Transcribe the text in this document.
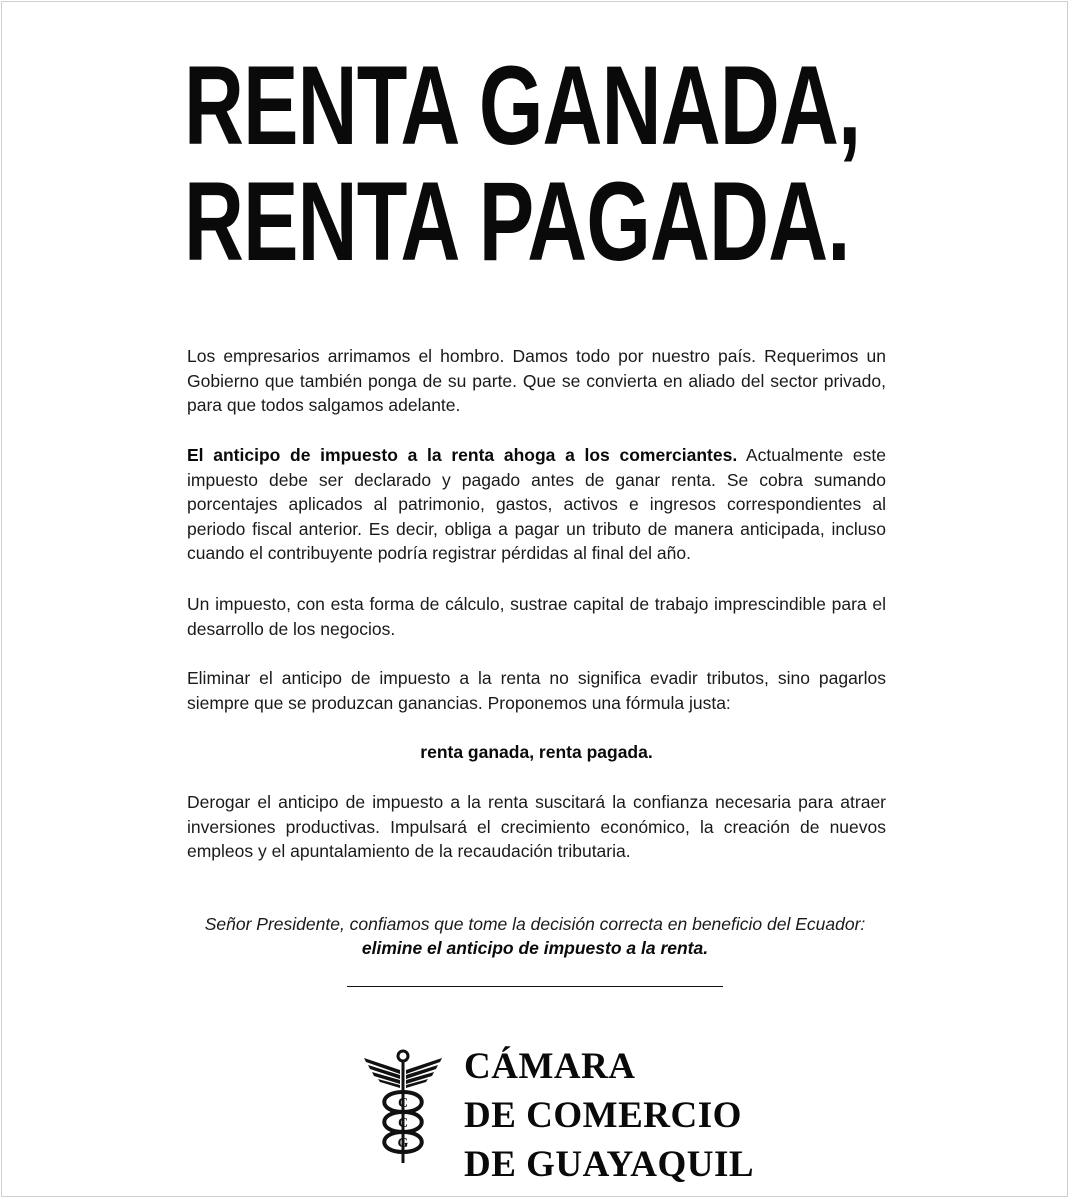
RENTA GANADA,
RENTA PAGADA.

Los empresarios arrimamos el hombro. Damos todo por nuestro país. Requerimos un Gobierno que también ponga de su parte. Que se convierta en aliado del sector privado, para que todos salgamos adelante.

El anticipo de impuesto a la renta ahoga a los comerciantes. Actualmente este impuesto debe ser declarado y pagado antes de ganar renta. Se cobra sumando porcentajes aplicados al patrimonio, gastos, activos e ingresos correspondientes al periodo fiscal anterior. Es decir, obliga a pagar un tributo de manera anticipada, incluso cuando el contribuyente podría registrar pérdidas al final del año.

Un impuesto, con esta forma de cálculo, sustrae capital de trabajo imprescindible para el desarrollo de los negocios.

Eliminar el anticipo de impuesto a la renta no significa evadir tributos, sino pagarlos siempre que se produzcan ganancias. Proponemos una fórmula justa:

renta ganada, renta pagada.

Derogar el anticipo de impuesto a la renta suscitará la confianza necesaria para atraer inversiones productivas. Impulsará el crecimiento económico, la creación de nuevos empleos y el apuntalamiento de la recaudación tributaria.

Señor Presidente, confiamos que tome la decisión correcta en beneficio del Ecuador:
elimine el anticipo de impuesto a la renta.
C
C
G
CÁMARA
DE COMERCIO
DE GUAYAQUIL
